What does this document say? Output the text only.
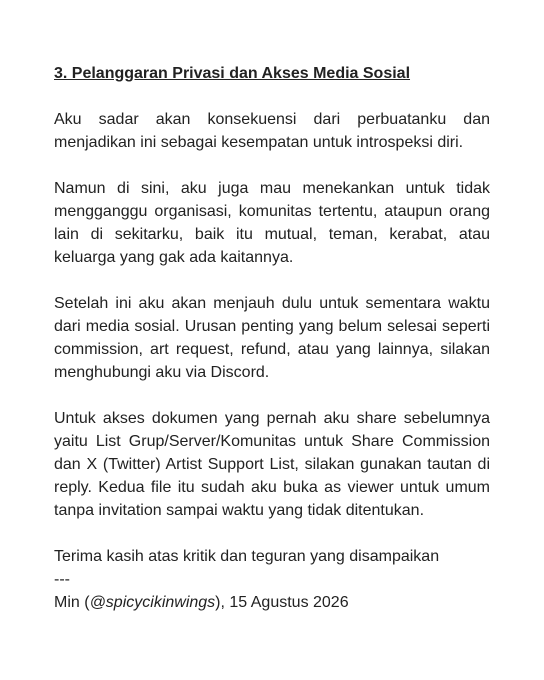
3. Pelanggaran Privasi dan Akses Media Sosial

Aku sadar akan konsekuensi dari perbuatanku dan menjadikan ini sebagai kesempatan untuk introspeksi diri.

Namun di sini, aku juga mau menekankan untuk tidak mengganggu organisasi, komunitas tertentu, ataupun orang lain di sekitarku, baik itu mutual, teman, kerabat, atau keluarga yang gak ada kaitannya.

Setelah ini aku akan menjauh dulu untuk sementara waktu dari media sosial. Urusan penting yang belum selesai seperti commission, art request, refund, atau yang lainnya, silakan menghubungi aku via Discord.

Untuk akses dokumen yang pernah aku share sebelumnya yaitu List Grup/Server/Komunitas untuk Share Commission dan X (Twitter) Artist Support List, silakan gunakan tautan di reply. Kedua file itu sudah aku buka as viewer untuk umum tanpa invitation sampai waktu yang tidak ditentukan.

Terima kasih atas kritik dan teguran yang disampaikan
---
Min (@spicycikinwings), 15 Agustus 2026
